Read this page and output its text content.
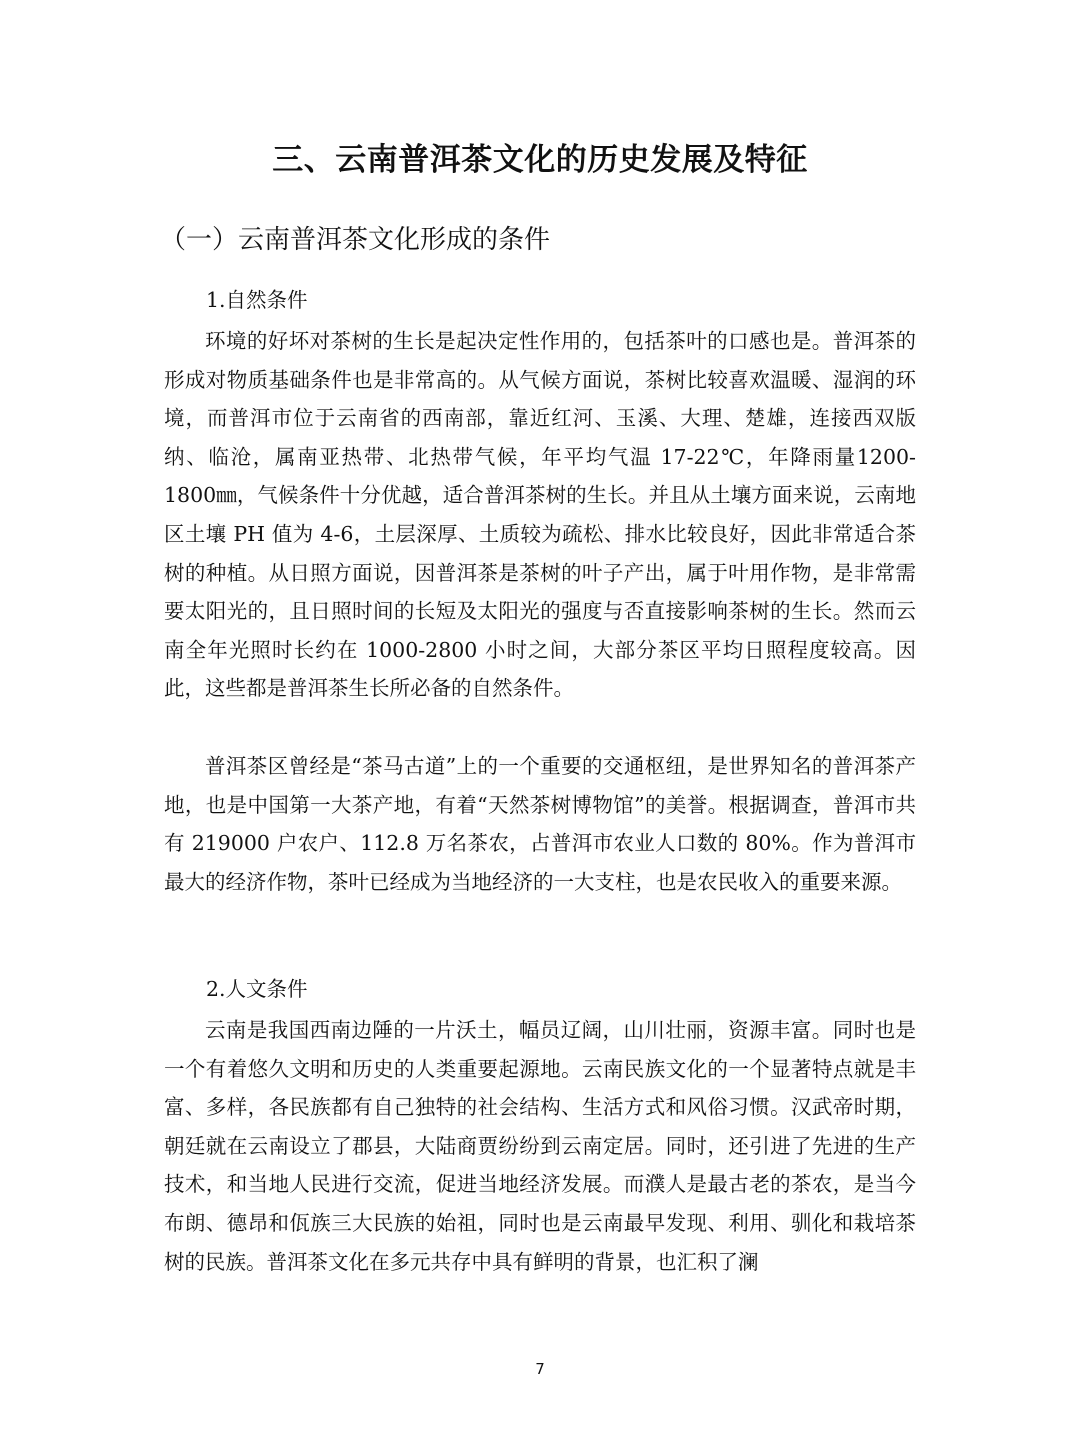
三、云南普洱茶文化的历史发展及特征
（一）云南普洱茶文化形成的条件
1.自然条件

环境的好坏对茶树的生长是起决定性作用的，包括茶叶的口感也是。普洱茶的形成对物质基础条件也是非常高的。从气候方面说，茶树比较喜欢温暖、湿润的环境，而普洱市位于云南省的西南部，靠近红河、玉溪、大理、楚雄，连接西双版纳、临沧，属南亚热带、北热带气候，年平均气温 17-22℃，年降雨量1200-1800㎜，气候条件十分优越，适合普洱茶树的生长。并且从土壤方面来说，云南地区土壤 PH 值为 4-6，土层深厚、土质较为疏松、排水比较良好，因此非常适合茶树的种植。从日照方面说，因普洱茶是茶树的叶子产出，属于叶用作物，是非常需要太阳光的，且日照时间的长短及太阳光的强度与否直接影响茶树的生长。然而云南全年光照时长约在 1000-2800 小时之间，大部分茶区平均日照程度较高。因此，这些都是普洱茶生长所必备的自然条件。

普洱茶区曾经是“茶马古道”上的一个重要的交通枢纽，是世界知名的普洱茶产地，也是中国第一大茶产地，有着“天然茶树博物馆”的美誉。根据调查，普洱市共有 219000 户农户、112.8 万名茶农，占普洱市农业人口数的 80%。作为普洱市最大的经济作物，茶叶已经成为当地经济的一大支柱，也是农民收入的重要来源。

2.人文条件

云南是我国西南边陲的一片沃土，幅员辽阔，山川壮丽，资源丰富。同时也是一个有着悠久文明和历史的人类重要起源地。云南民族文化的一个显著特点就是丰富、多样，各民族都有自己独特的社会结构、生活方式和风俗习惯。汉武帝时期，朝廷就在云南设立了郡县，大陆商贾纷纷到云南定居。同时，还引进了先进的生产技术，和当地人民进行交流，促进当地经济发展。而濮人是最古老的茶农，是当今布朗、德昂和佤族三大民族的始祖，同时也是云南最早发现、利用、驯化和栽培茶树的民族。普洱茶文化在多元共存中具有鲜明的背景，也汇积了澜

7
